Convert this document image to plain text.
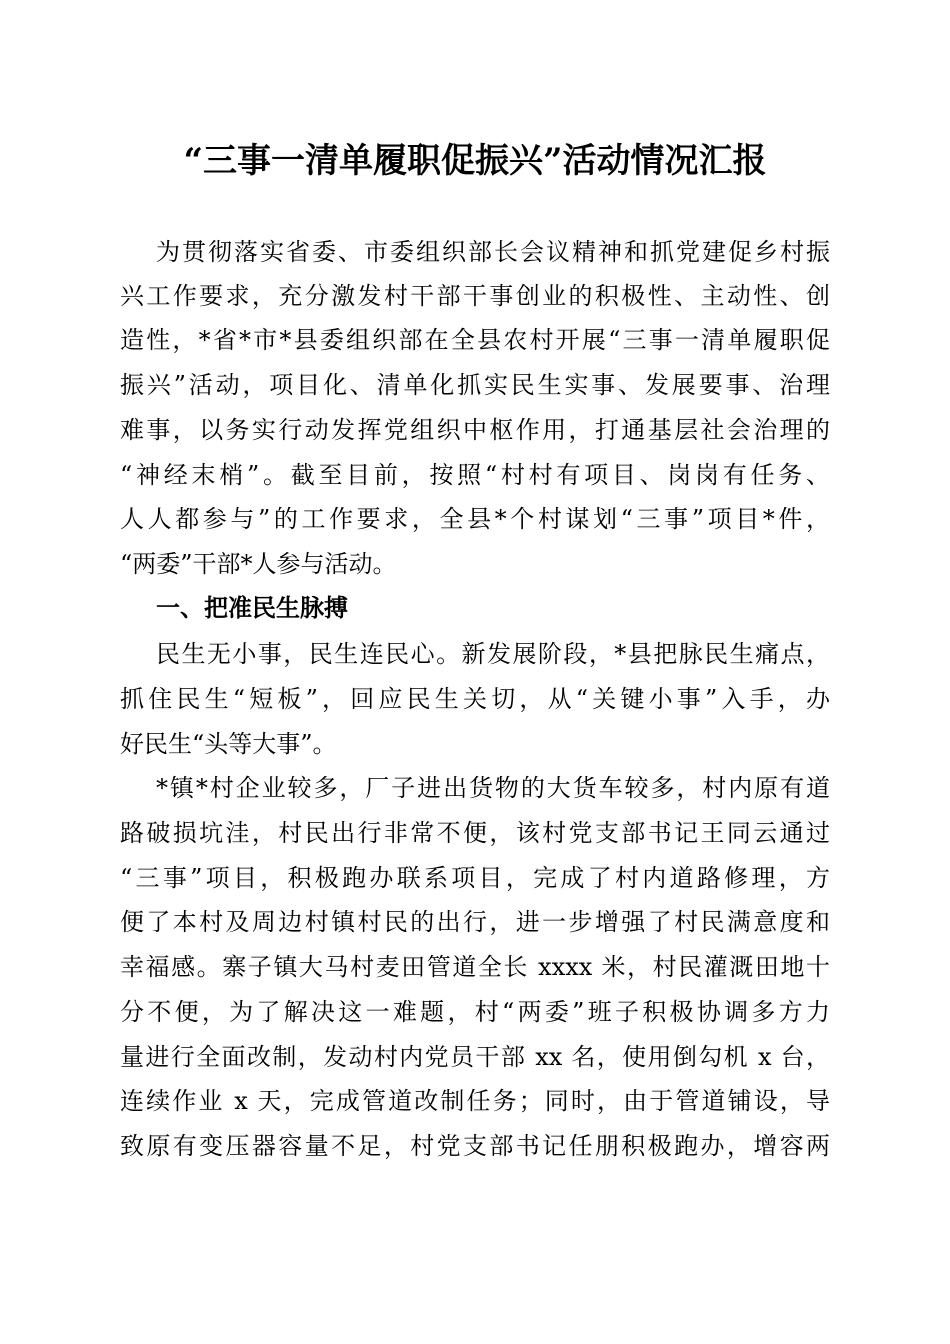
“三事一清单履职促振兴”活动情况汇报
为贯彻落实省委、市委组织部长会议精神和抓党建促乡村振
兴工作要求，充分激发村干部干事创业的积极性、主动性、创
造性，*省*市*县委组织部在全县农村开展“三事一清单履职促
振兴”活动，项目化、清单化抓实民生实事、发展要事、治理
难事，以务实行动发挥党组织中枢作用，打通基层社会治理的
“神经末梢”。截至目前，按照“村村有项目、岗岗有任务、
人人都参与”的工作要求，全县*个村谋划“三事”项目*件，
“两委”干部*人参与活动。
一、把准民生脉搏
民生无小事，民生连民心。新发展阶段，*县把脉民生痛点，
抓住民生“短板”，回应民生关切，从“关键小事”入手，办
好民生“头等大事”。
*镇*村企业较多，厂子进出货物的大货车较多，村内原有道
路破损坑洼，村民出行非常不便，该村党支部书记王同云通过
“三事”项目，积极跑办联系项目，完成了村内道路修理，方
便了本村及周边村镇村民的出行，进一步增强了村民满意度和
幸福感。寨子镇大马村麦田管道全长 xxxx 米，村民灌溉田地十
分不便，为了解决这一难题，村“两委”班子积极协调多方力
量进行全面改制，发动村内党员干部 xx 名，使用倒勾机 x 台，
连续作业 x 天，完成管道改制任务；同时，由于管道铺设，导
致原有变压器容量不足，村党支部书记任朋积极跑办，增容两
